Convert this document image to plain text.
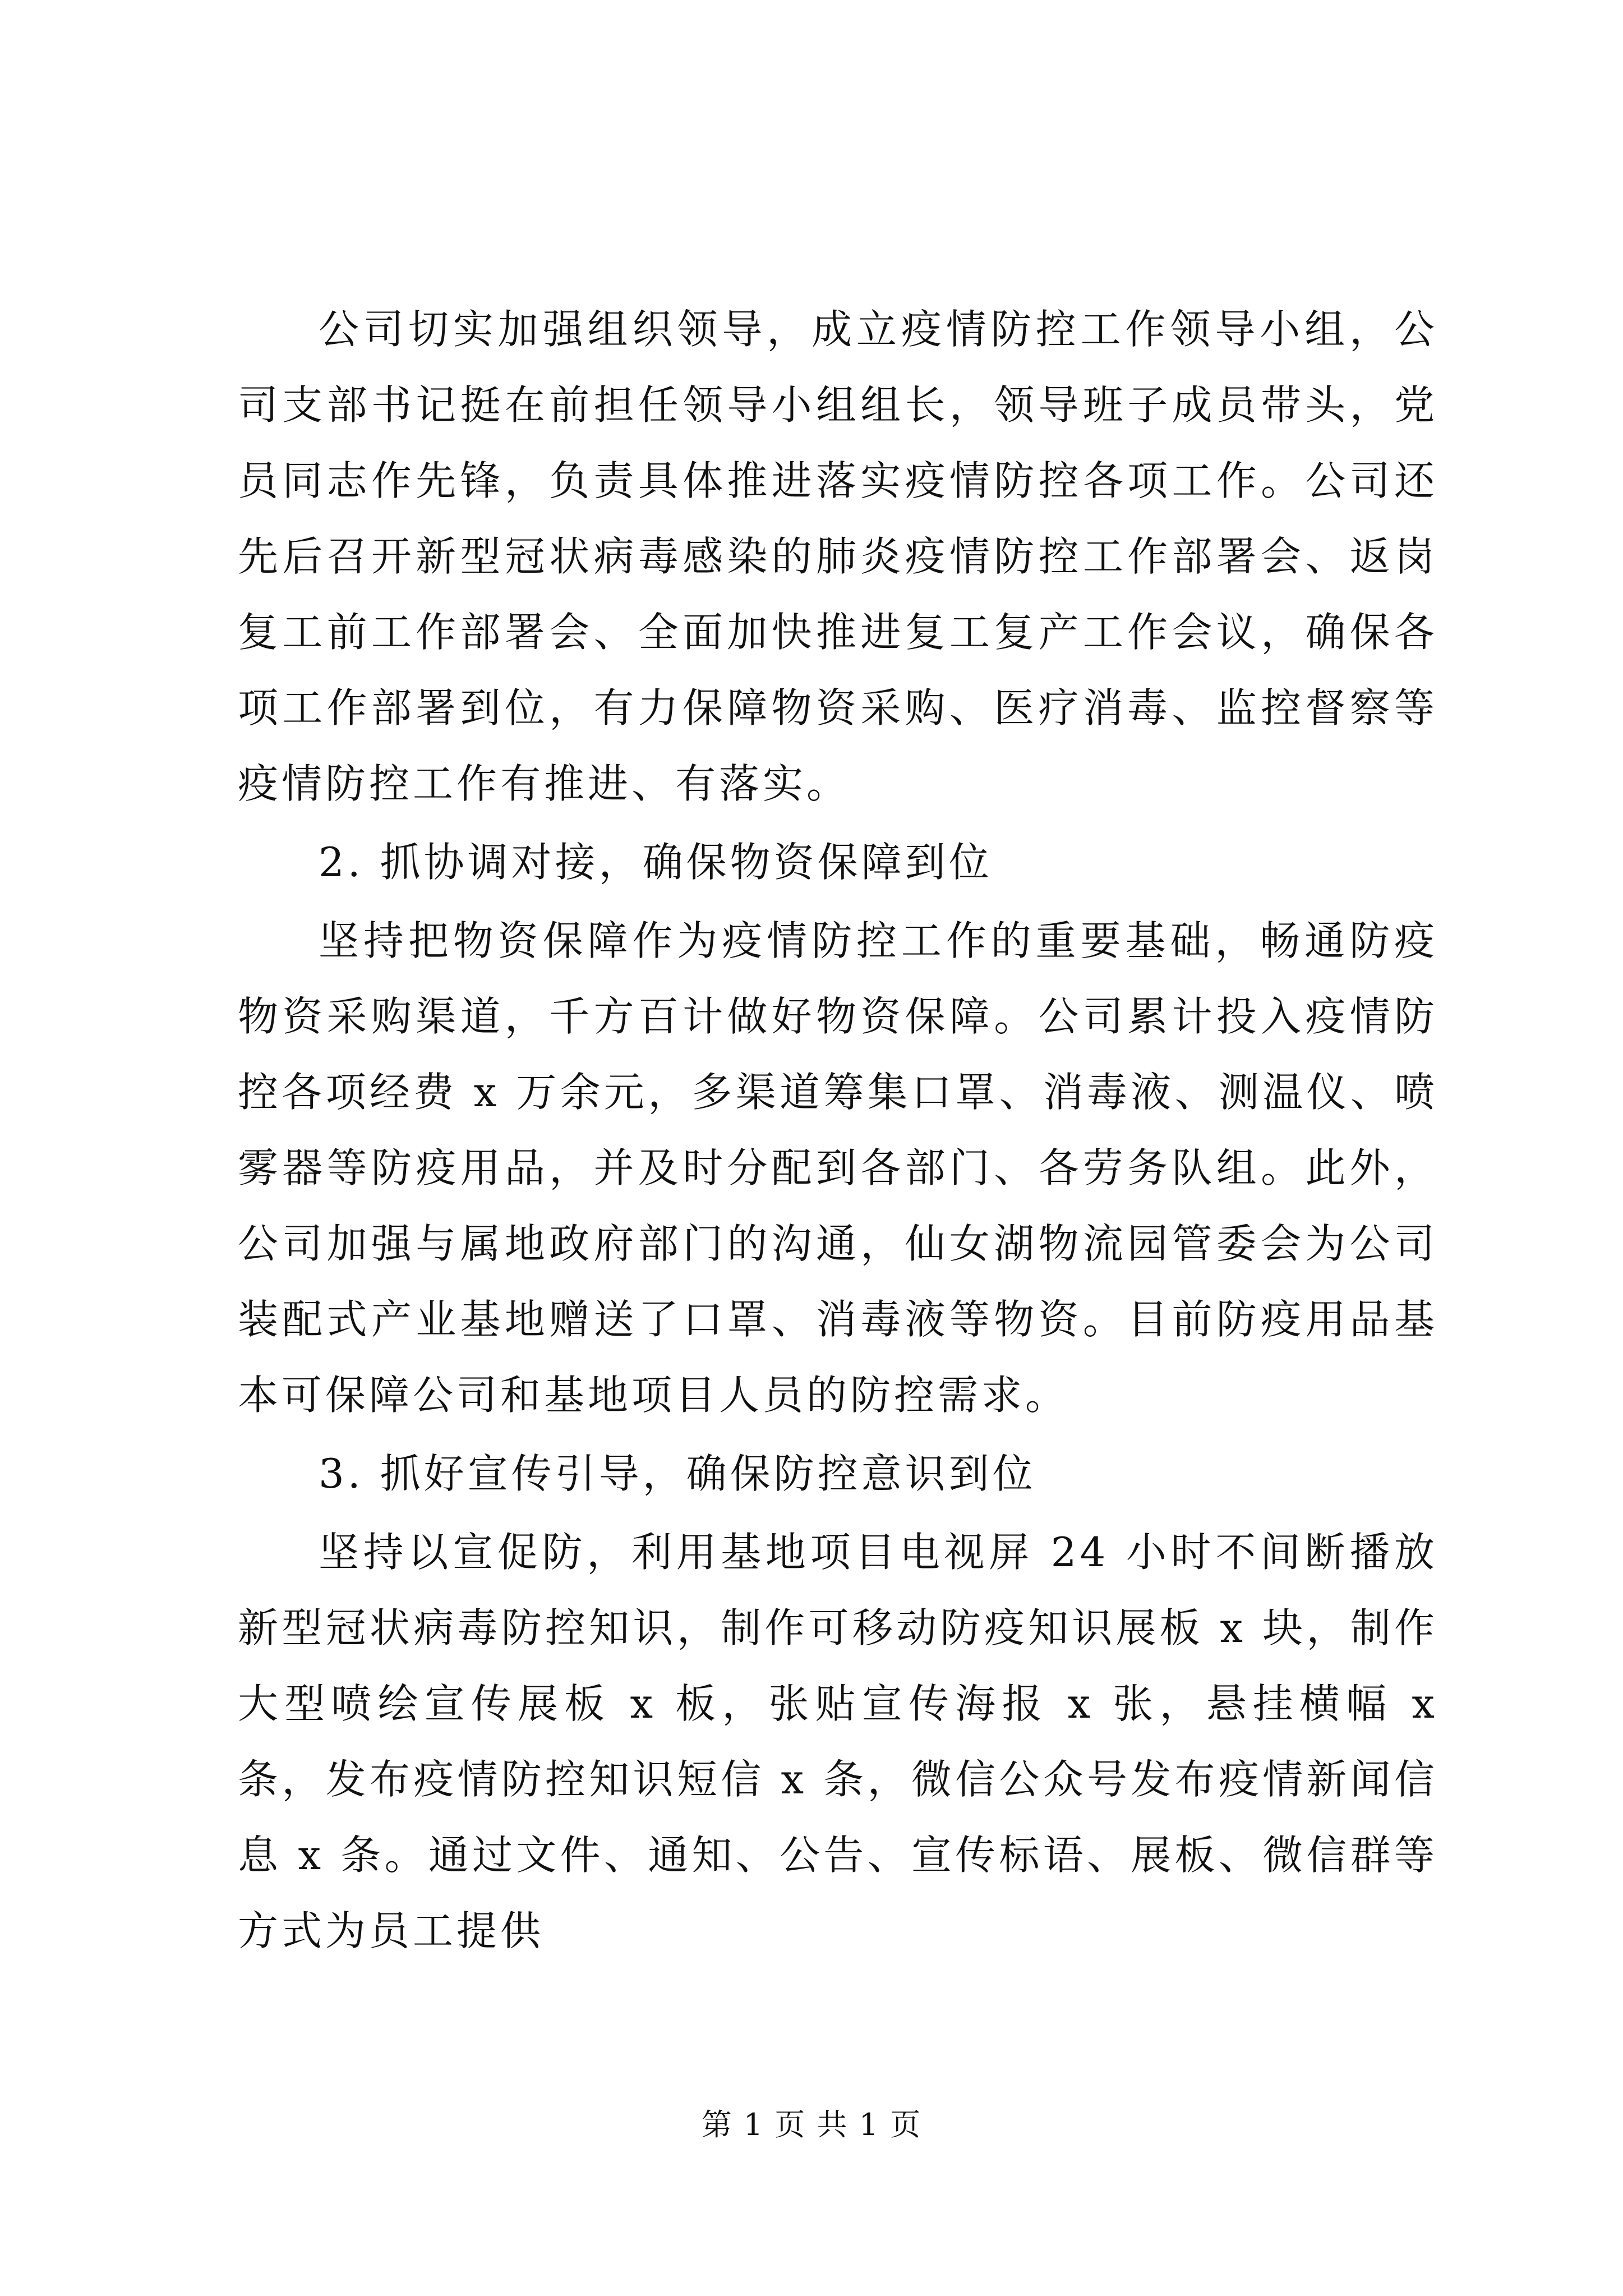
公司切实加强组织领导，成立疫情防控工作领导小组，公司支部书记挺在前担任领导小组组长，领导班子成员带头，党员同志作先锋，负责具体推进落实疫情防控各项工作。公司还先后召开新型冠状病毒感染的肺炎疫情防控工作部署会、返岗复工前工作部署会、全面加快推进复工复产工作会议，确保各项工作部署到位，有力保障物资采购、医疗消毒、监控督察等疫情防控工作有推进、有落实。

2. 抓协调对接，确保物资保障到位

坚持把物资保障作为疫情防控工作的重要基础，畅通防疫物资采购渠道，千方百计做好物资保障。公司累计投入疫情防控各项经费 x 万余元，多渠道筹集口罩、消毒液、测温仪、喷雾器等防疫用品，并及时分配到各部门、各劳务队组。此外，公司加强与属地政府部门的沟通，仙女湖物流园管委会为公司装配式产业基地赠送了口罩、消毒液等物资。目前防疫用品基本可保障公司和基地项目人员的防控需求。

3. 抓好宣传引导，确保防控意识到位

坚持以宣促防，利用基地项目电视屏 24 小时不间断播放新型冠状病毒防控知识，制作可移动防疫知识展板 x 块，制作大型喷绘宣传展板 x 板，张贴宣传海报 x 张，悬挂横幅 x 条，发布疫情防控知识短信 x 条，微信公众号发布疫情新闻信息 x 条。通过文件、通知、公告、宣传标语、展板、微信群等方式为员工提供

第 1 页 共 1 页
